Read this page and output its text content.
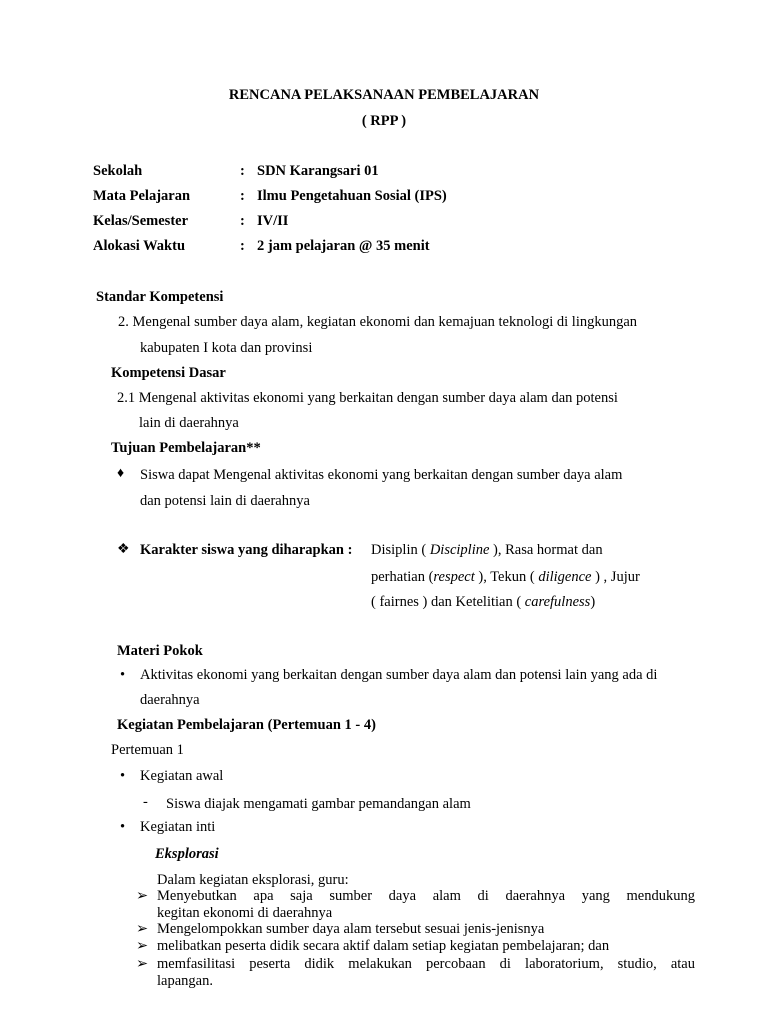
RENCANA PELAKSANAAN PEMBELAJARAN
( RPP )
Sekolah	: SDN Karangsari 01
Mata Pelajaran	: Ilmu Pengetahuan Sosial (IPS)
Kelas/Semester	: IV/II
Alokasi Waktu	: 2 jam pelajaran @ 35 menit
Standar Kompetensi
2. Mengenal sumber daya alam, kegiatan ekonomi dan kemajuan teknologi di lingkungan
kabupaten I kota dan provinsi
Kompetensi Dasar
2.1 Mengenal aktivitas ekonomi yang berkaitan dengan sumber daya alam dan potensi
lain di daerahnya
Tujuan Pembelajaran**
♦ Siswa dapat Mengenal aktivitas ekonomi yang berkaitan dengan sumber daya alam
dan potensi lain di daerahnya
❖ Karakter siswa yang diharapkan : Disiplin ( Discipline ), Rasa hormat dan
perhatian (respect ), Tekun ( diligence ) , Jujur
( fairnes ) dan Ketelitian ( carefulness)
Materi Pokok
• Aktivitas ekonomi yang berkaitan dengan sumber daya alam dan potensi lain yang ada di
daerahnya
Kegiatan Pembelajaran (Pertemuan 1 - 4)
Pertemuan 1
• Kegiatan awal
- Siswa diajak mengamati gambar pemandangan alam
• Kegiatan inti
Eksplorasi
Dalam kegiatan eksplorasi, guru:
➢ Menyebutkan apa saja sumber daya alam di daerahnya yang mendukung
kegitan ekonomi di daerahnya
➢ Mengelompokkan sumber daya alam tersebut sesuai jenis-jenisnya
➢ melibatkan peserta didik secara aktif dalam setiap kegiatan pembelajaran; dan
➢ memfasilitasi peserta didik melakukan percobaan di laboratorium, studio, atau
lapangan.
